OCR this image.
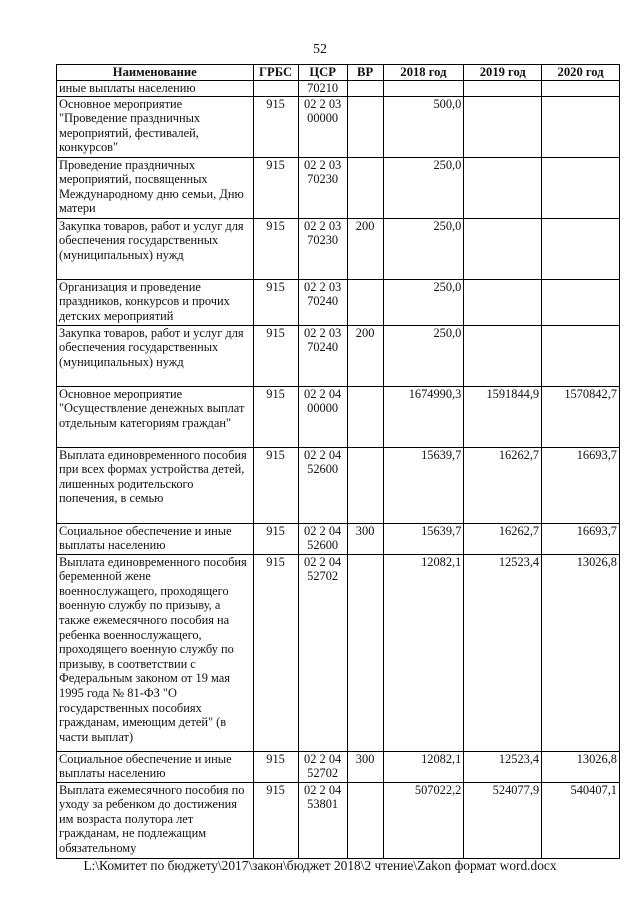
52
Наименование	ГРБС	ЦСР	ВР	2018 год	2019 год	2020 год
иные выплаты населению		70210				
Основное мероприятие "Проведение праздничных мероприятий, фестивалей, конкурсов"	915	02 2 03 00000		500,0		
Проведение праздничных мероприятий, посвященных Международному дню семьи, Дню матери	915	02 2 03 70230		250,0		
Закупка товаров, работ и услуг для обеспечения государственных (муниципальных) нужд	915	02 2 03 70230	200	250,0		
Организация и проведение праздников, конкурсов и прочих детских мероприятий	915	02 2 03 70240		250,0		
Закупка товаров, работ и услуг для обеспечения государственных (муниципальных) нужд	915	02 2 03 70240	200	250,0		
Основное мероприятие "Осуществление денежных выплат отдельным категориям граждан"	915	02 2 04 00000		1674990,3	1591844,9	1570842,7
Выплата единовременного пособия при всех формах устройства детей, лишенных родительского попечения, в семью	915	02 2 04 52600		15639,7	16262,7	16693,7
Социальное обеспечение и иные выплаты населению	915	02 2 04 52600	300	15639,7	16262,7	16693,7
Выплата единовременного пособия беременной жене военнослужащего, проходящего военную службу по призыву, а также ежемесячного пособия на ребенка военнослужащего, проходящего военную службу по призыву, в соответствии с Федеральным законом от 19 мая 1995 года № 81-ФЗ "О государственных пособиях гражданам, имеющим детей" (в части выплат)	915	02 2 04 52702		12082,1	12523,4	13026,8
Социальное обеспечение и иные выплаты населению	915	02 2 04 52702	300	12082,1	12523,4	13026,8
Выплата ежемесячного пособия по уходу за ребенком до достижения им возраста полутора лет гражданам, не подлежащим обязательному	915	02 2 04 53801		507022,2	524077,9	540407,1
L:\Комитет по бюджету\2017\закон\бюджет 2018\2 чтение\Zakon формат word.docx
